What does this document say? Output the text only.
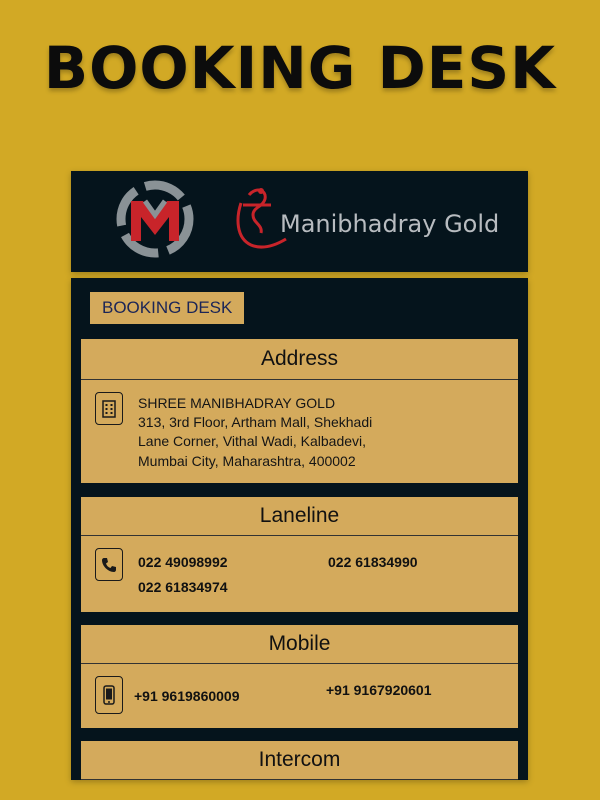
BOOKING DESK
Manibhadray Gold
BOOKING DESK
Address
SHREE MANIBHADRAY GOLD
313, 3rd Floor, Artham Mall, Shekhadi
Lane Corner, Vithal Wadi, Kalbadevi,
Mumbai City, Maharashtra, 400002
Laneline
022 49098992	022 61834990
022 61834974
Mobile
+91 9619860009	+91 9167920601
Intercom
